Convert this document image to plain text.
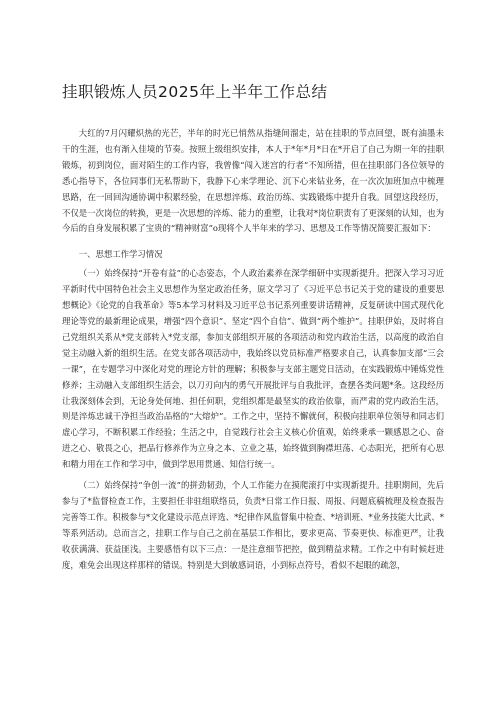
挂职锻炼人员2025年上半年工作总结

大红的7月闪耀炽热的光芒，半年的时光已悄然从指缝间溜走，站在挂职的节点回望，既有油墨未干的生涯，也有渐入佳境的节奏。按照上级组织安排，本人于*年*月*日在*开启了自己为期一年的挂职锻炼，初到岗位，面对陌生的工作内容，我曾像“闯入迷宫的行者”不知所措，但在挂职部门各位领导的悉心指导下，各位同事们无私帮助下，我静下心来学理论、沉下心来钻业务，在一次次加班加点中梳理思路，在一回回沟通协调中积累经验，在思想淬炼、政治历练、实践锻炼中提升自我。回望这段经历，不仅是一次岗位的转换，更是一次思想的淬炼、能力的重塑，让我对*岗位职责有了更深刻的认知，也为今后的自身发展积累了宝贵的“精神财富”o现将个人半年来的学习、思想及工作等情况简要汇报如下：

一、思想工作学习情况

（一）始终保持“开卷有益”的心态姿态，个人政治素养在深学细研中实现新提升。把深入学习习近平新时代中国特色社会主义思想作为坚定政治任务，原文学习了《习近平总书记关于党的建设的重要思想概论》《论党的自我革命》等5本学习材料及习近平总书记系列重要讲话精神，反复研读中国式现代化理论等党的最新理论成果，增强“四个意识”、坚定“四个自信”、做到“两个维护”。挂职伊始，及时将自己党组织关系从*党支部转入*党支部，参加支部组织开展的各项活动和党内政治生活，以高度的政治自觉主动融入新的组织生活。在党支部各项活动中，我始终以党员标准严格要求自己，认真参加支部“三会一课”，在专题学习中深化对党的理论方针的理解；积极参与支部主题党日活动，在实践锻炼中锤炼党性修养；主动融入支部组织生活会，以刀刃向内的勇气开展批评与自我批评，查摆各类问题*条。这段经历让我深刻体会到，无论身处何地、担任何职，党组织都是最坚实的政治依靠，而严肃的党内政治生活，则是淬炼忠诚干净担当政治品格的“大熔炉”。工作之中，坚持不懈就何，积极向挂职单位领导和同志们虚心学习，不断积累工作经验；生活之中，自觉践行社会主义核心价值观，始终秉承一颗感恩之心、奋进之心、敬畏之心，把品行修养作为立身之本、立业之基，始终做到胸襟坦荡、心态阳光，把所有心思和精力用在工作和学习中，做到学思用贯通、知信行统一。

（二）始终保持“争创一流”的拼劲韧劲，个人工作能力在摸爬滚打中实现新提升。挂职期间，先后参与了*监督检查工作，主要担任非驻组联络员，负责*日常工作日报、周报、问题底稿梳理及检查报告完善等工作。积极参与*文化建设示范点评选、*纪律作风监督集中检查、*培训班、*业务技能大比武、*等系列活动。总而言之，挂职工作与自己之前在基层工作相比，要求更高、节奏更快、标准更严，让我收获满满、获益匪浅。主要感悟有以下三点：一是注意细节把控，做到精益求精。工作之中有时候赶进度，难免会出现这样那样的错误。特别是大到敏感词语，小到标点符号，看似不起眼的疏忽，
